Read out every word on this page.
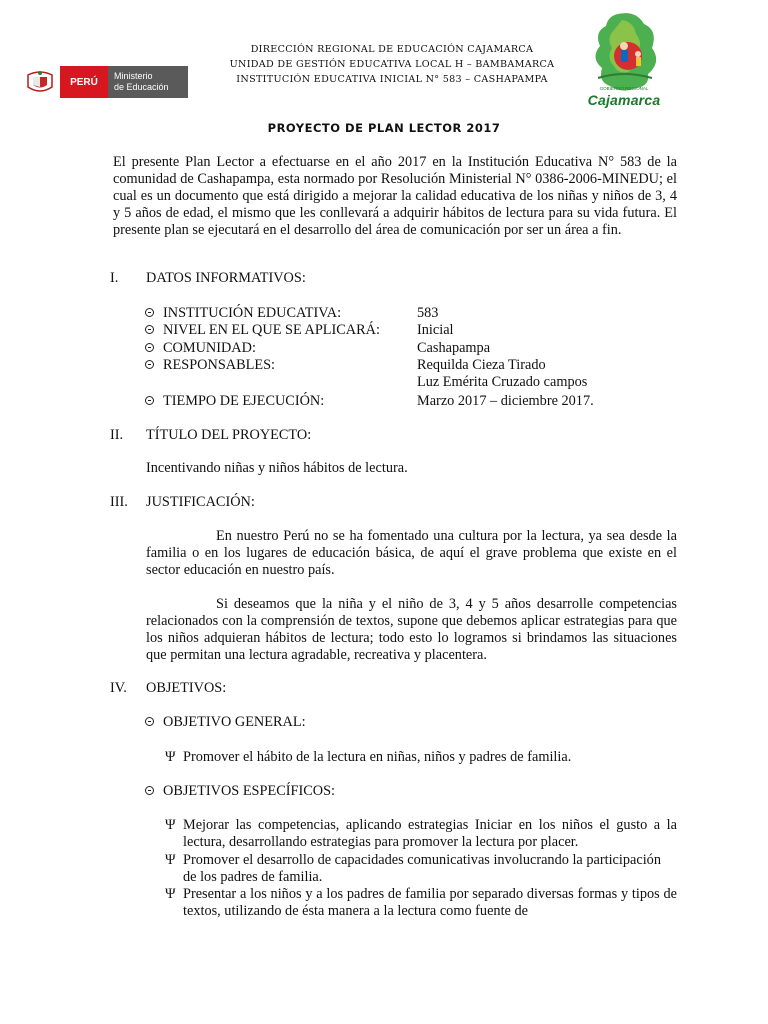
PERÚ
Ministerio
de Educación
DIRECCIÓN REGIONAL DE EDUCACIÓN CAJAMARCA
UNIDAD DE GESTIÓN EDUCATIVA LOCAL H – BAMBAMARCA
INSTITUCIÓN EDUCATIVA INICIAL N° 583 – CASHAPAMPA
GOBIERNO REGIONAL
Cajamarca
PROYECTO DE PLAN LECTOR 2017
El presente Plan Lector a efectuarse en el año 2017 en la Institución Educativa N° 583 de la comunidad de Cashapampa, esta normado por Resolución Ministerial N° 0386-2006-MINEDU; el cual es un documento que está dirigido a mejorar la calidad educativa de los niñas y niños de 3, 4 y 5 años de edad, el mismo que les conllevará a adquirir hábitos de lectura para su vida futura. El presente plan se ejecutará en el desarrollo del área de comunicación por ser un área a fin.
I. DATOS INFORMATIVOS:
INSTITUCIÓN EDUCATIVA:	583
NIVEL EN EL QUE SE APLICARÁ:	Inicial
COMUNIDAD:	Cashapampa
RESPONSABLES:	Requilda Cieza Tirado
Luz Emérita Cruzado campos
TIEMPO DE EJECUCIÓN:	Marzo 2017 – diciembre 2017.
II. TÍTULO DEL PROYECTO:
Incentivando niñas y niños hábitos de lectura.
III. JUSTIFICACIÓN:
En nuestro Perú no se ha fomentado una cultura por la lectura, ya sea desde la familia o en los lugares de educación básica, de aquí el grave problema que existe en el sector educación en nuestro país.
Si deseamos que la niña y el niño de 3, 4 y 5 años desarrolle competencias relacionados con la comprensión de textos, supone que debemos aplicar estrategias para que los niños adquieran hábitos de lectura; todo esto lo logramos si brindamos las situaciones que permitan una lectura agradable, recreativa y placentera.
IV. OBJETIVOS:
OBJETIVO GENERAL:
Ψ Promover el hábito de la lectura en niñas, niños y padres de familia.
OBJETIVOS ESPECÍFICOS:
Ψ Mejorar las competencias, aplicando estrategias Iniciar en los niños el gusto a la lectura, desarrollando estrategias para promover la lectura por placer.
Ψ Promover el desarrollo de capacidades comunicativas involucrando la participación de los padres de familia.
Ψ Presentar a los niños y a los padres de familia por separado diversas formas y tipos de textos, utilizando de ésta manera a la lectura como fuente de
